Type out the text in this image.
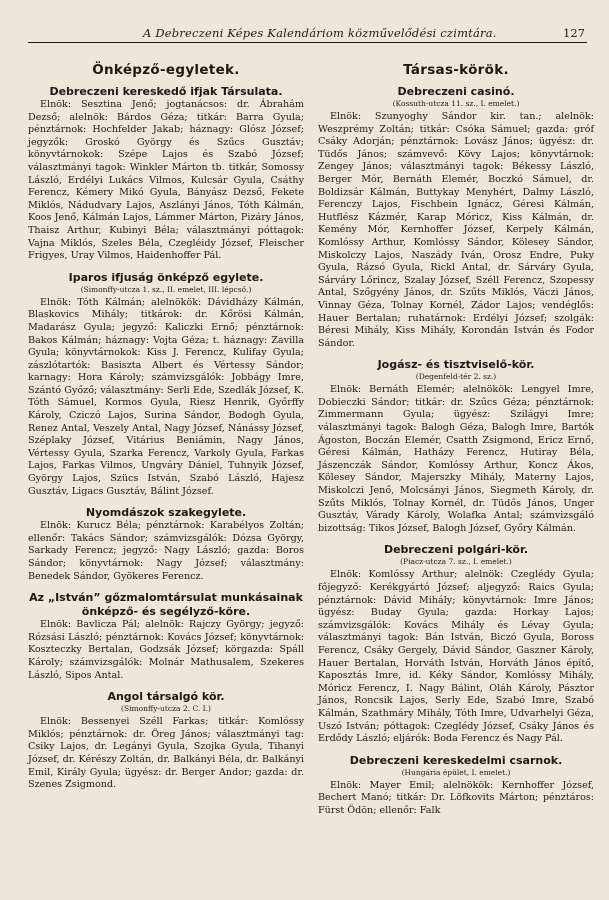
A Debreczeni Képes Kalendáriom közművelődési czimtára.	127
Önképző-egyletek.
Debreczeni kereskedő ifjak Társulata.

Elnök: Sesztina Jenő; jogtanácsos: dr. Ábrahám Dezső; alelnök: Bárdos Géza; titkár: Barra Gyula; pénztárnok: Hochfelder Jakab; háznagy: Glósz József; jegyzők: Groskó György és Szűcs Gusztáv; könyvtárnokok: Szépe Lajos és Szabó József; választmányi tagok: Winkler Márton tb. titkár, Somossy László, Erdélyi Lukács Vilmos, Kulcsár Gyula, Csáthy Ferencz, Kémery Mikó Gyula, Bányász Dezső, Fekete Miklós, Nádudvary Lajos, Aszlányi János, Tóth Kálmán, Koos Jenő, Kálmán Lajos, Lámmer Márton, Pizáry János, Thaisz Arthur, Kubinyi Béla; választmányi póttagok: Vajna Miklós, Szeles Béla, Czegléidy József, Fleischer Frigyes, Uray Vilmos, Haidenhoffer Pál.

Iparos ifjuság önképző egylete.
(Simonffy-utcza 1. sz., II. emelet, III. lépcső.)

Elnök: Tóth Kálmán; alelnökök: Dávidházy Kálmán, Blaskovics Mihály; titkárok: dr. Kőrösi Kálmán, Madarász Gyula; jegyző: Kaliczki Ernő; pénztárnok: Bakos Kálmán; háznagy: Vojta Géza; t. háznagy: Zavilla Gyula; könyvtárnokok: Kiss J. Ferencz, Kulifay Gyula; zászlótartók: Basiszta Albert és Vértessy Sándor; karnagy: Hora Károly; számvizsgálók: Jobbágy Imre, Szántó Győző; választmány: Serli Ede, Szedlák József, K. Tóth Sámuel, Kormos Gyula, Riesz Henrik, Győrffy Károly, Cziczó Lajos, Surina Sándor, Bodogh Gyula, Renez Antal, Veszely Antal, Nagy József, Nánássy József, Széplaky József, Vitárius Beniámin, Nagy János, Vértessy Gyula, Szarka Ferencz, Varkoly Gyula, Farkas Lajos, Farkas Vilmos, Ungváry Dániel, Tuhnyik József, György Lajos, Szücs István, Szabó László, Hajesz Gusztáv, Ligacs Gusztáv, Bálint József.

Nyomdászok szakegylete.

Elnök: Kurucz Béla; pénztárnok: Karabélyos Zoltán; ellenőr: Takács Sándor; számvizsgálók: Dózsa György, Sarkady Ferencz; jegyző: Nagy László; gazda: Boros Sándor; könyvtárnok: Nagy József; választmány: Benedek Sándor, Gyökeres Ferencz.

Az „István” gőzmalomtársulat munkásainak önképző- és segélyző-köre.

Elnök: Bavlicza Pál; alelnök: Rajczy György; jegyző: Rózsási László; pénztárnok: Kovács József; könyvtárnok: Koszteczky Bertalan, Godzsák József; körgazda: Spáll Károly; számvizsgálók: Molnár Mathusalem, Szekeres László, Sipos Antal.

Angol társalgó kör.
(Simonffy-utcza 2. C. I.)

Elnök: Bessenyei Széll Farkas; titkár: Komlóssy Miklós; pénztárnok: dr. Öreg János; választmányi tag: Csiky Lajos, dr. Legányi Gyula, Szojka Gyula, Tihanyi József, dr. Kérészy Zoltán, dr. Balkányi Béla, dr. Balkányi Emil, Király Gyula; ügyész: dr. Berger Andor; gazda: dr. Szenes Zsigmond.

Társas-körök.
Debreczeni casinó.
(Kossuth-utcza 11. sz., I. emelet.)

Elnök: Szunyoghy Sándor kir. tan.; alelnök: Weszprémy Zoltán; titkár: Csóka Sámuel; gazda: gróf Csáky Adorján; pénztárnok: Lovász János; ügyész: dr. Tüdős János; számvevő: Kövy Lajos; könyvtárnok: Zengey János; választmányi tagok: Békessy László, Berger Mór, Bernáth Elemér, Boczkó Sámuel, dr. Boldizsár Kálmán, Buttykay Menyhért, Dalmy László, Ferenczy Lajos, Fischbein Ignácz, Géresi Kálmán, Hutflész Kázmér, Karap Móricz, Kiss Kálmán, dr. Kemény Mór, Kernhoffer József, Kerpely Kálmán, Komlóssy Arthur, Komlóssy Sándor, Kölesey Sándor, Miskolczy Lajos, Naszády Iván, Orosz Endre, Puky Gyula, Rázsó Gyula, Rickl Antal, dr. Sárváry Gyula, Sárváry Lőrincz, Szalay József, Széll Ferencz, Szopessy Antal, Szőgyény János, dr. Szűts Miklós, Váczi János, Vinnay Géza, Tolnay Kornél, Zádor Lajos; vendéglős: Hauer Bertalan; ruhatárnok: Erdélyi József; szolgák: Béresi Mihály, Kiss Mihály, Korondán István és Fodor Sándor.

Jogász- és tisztviselő-kör.
(Degenfeld-tér 2. sz.)

Elnök: Bernáth Elemér; alelnökök: Lengyel Imre, Dobieczki Sándor; titkár: dr. Szűcs Géza; pénztárnok: Zimmermann Gyula; ügyész: Szilágyi Imre; választmányi tagok: Balogh Géza, Balogh Imre, Bartók Ágoston, Boczán Elemér, Csatth Zsigmond, Ericz Ernő, Géresi Kálmán, Hatházy Ferencz, Hutiray Béla, Jászenczák Sándor, Komlóssy Arthur, Koncz Ákos, Kölesey Sándor, Majerszky Mihály, Materny Lajos, Miskolczi Jenő, Molcsányi János, Siegmeth Károly, dr. Szűts Miklós, Tolnay Kornél, dr. Tüdős János, Unger Gusztáv, Várady Károly, Wolafka Antal; számvizsgáló bizottság: Tikos József, Balogh József, Győry Kálmán.

Debreczeni polgári-kör.
(Piacz-utcza 7. sz., I. emelet.)

Elnök: Komlóssy Arthur; alelnök: Czeglédy Gyula; főjegyző: Kerékgyártó József; aljegyző: Raics Gyula; pénztárnok: Dávid Mihály; könyvtárnok: Imre János; ügyész: Buday Gyula; gazda: Horkay Lajos; számvizsgálók: Kovács Mihály és Lévay Gyula; választmányi tagok: Bán István, Biczó Gyula, Boross Ferencz, Csáky Gergely, Dávid Sándor, Gaszner Károly, Hauer Bertalan, Horváth István, Horváth János építő, Kaposztás Imre, id. Kéky Sándor, Komlóssy Mihály, Móricz Ferencz, I. Nagy Bálint, Oláh Károly, Pásztor János, Roncsik Lajos, Serly Ede, Szabó Imre, Szabó Kálmán, Szathmáry Mihály, Tóth Imre, Udvarhelyi Géza, Uszó István; póttagok: Czeglédy József, Csáky János és Erdődy László; eljárók: Boda Ferencz és Nagy Pál.

Debreczeni kereskedelmi csarnok.
(Hungária épület, I. emelet.)

Elnök: Mayer Emil; alelnökök: Kernhoffer József, Bechert Manó; titkár: Dr. Löfkovits Márton; pénztáros: Fürst Ödön; ellenőr: Falk
